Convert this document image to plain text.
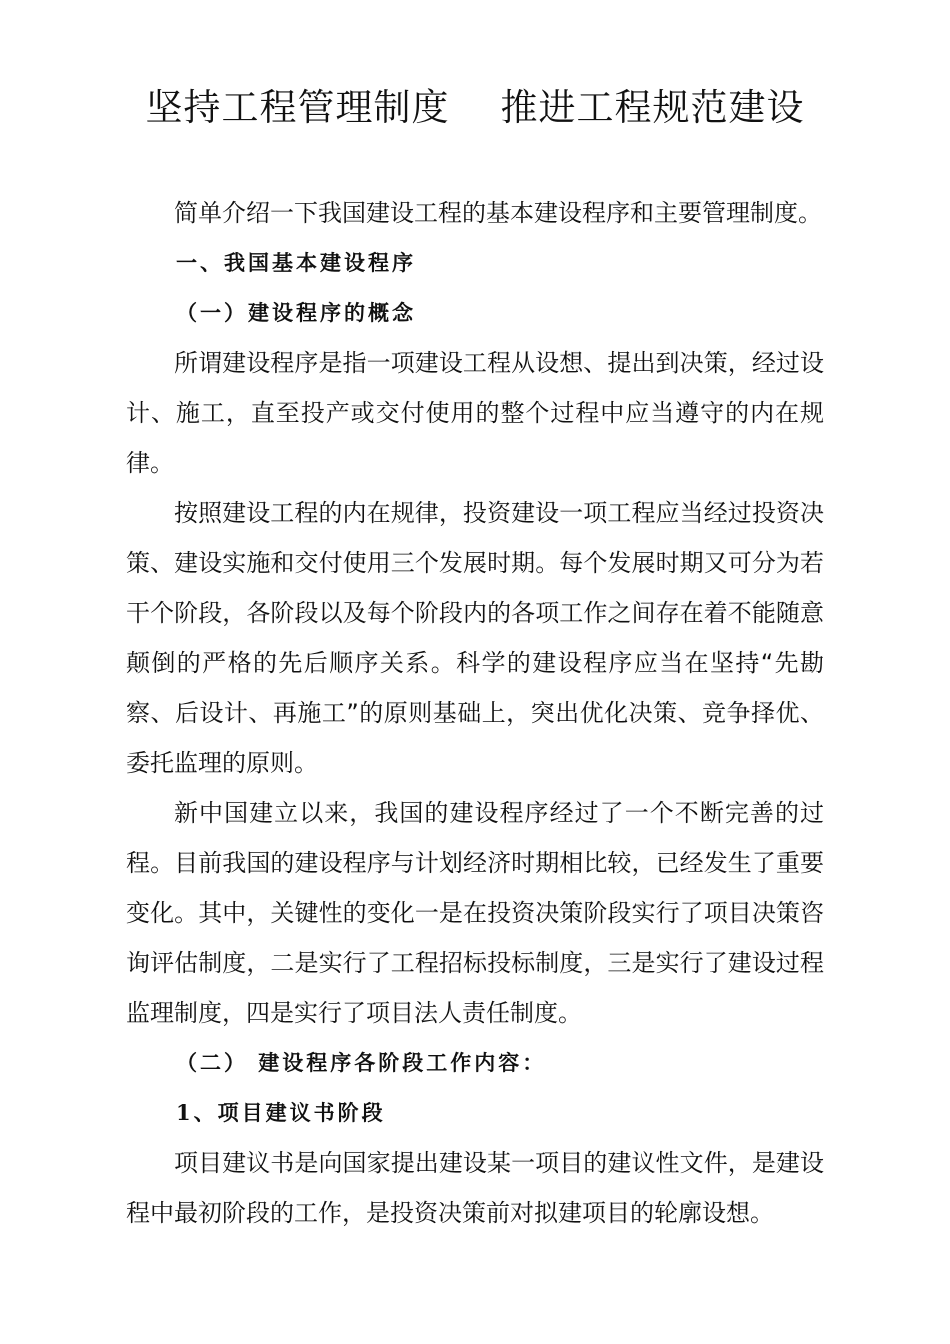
坚持工程管理制度    推进工程规范建设

简单介绍一下我国建设工程的基本建设程序和主要管理制度。

一、我国基本建设程序

（一）建设程序的概念

所谓建设程序是指一项建设工程从设想、提出到决策，经过设计、施工，直至投产或交付使用的整个过程中应当遵守的内在规律。

按照建设工程的内在规律，投资建设一项工程应当经过投资决策、建设实施和交付使用三个发展时期。每个发展时期又可分为若干个阶段，各阶段以及每个阶段内的各项工作之间存在着不能随意颠倒的严格的先后顺序关系。科学的建设程序应当在坚持“先勘察、后设计、再施工”的原则基础上，突出优化决策、竞争择优、委托监理的原则。

新中国建立以来，我国的建设程序经过了一个不断完善的过程。目前我国的建设程序与计划经济时期相比较，已经发生了重要变化。其中，关键性的变化一是在投资决策阶段实行了项目决策咨询评估制度，二是实行了工程招标投标制度，三是实行了建设过程监理制度，四是实行了项目法人责任制度。

（二） 建设程序各阶段工作内容：

1、项目建议书阶段

项目建议书是向国家提出建设某一项目的建议性文件，是建设程中最初阶段的工作，是投资决策前对拟建项目的轮廓设想。
